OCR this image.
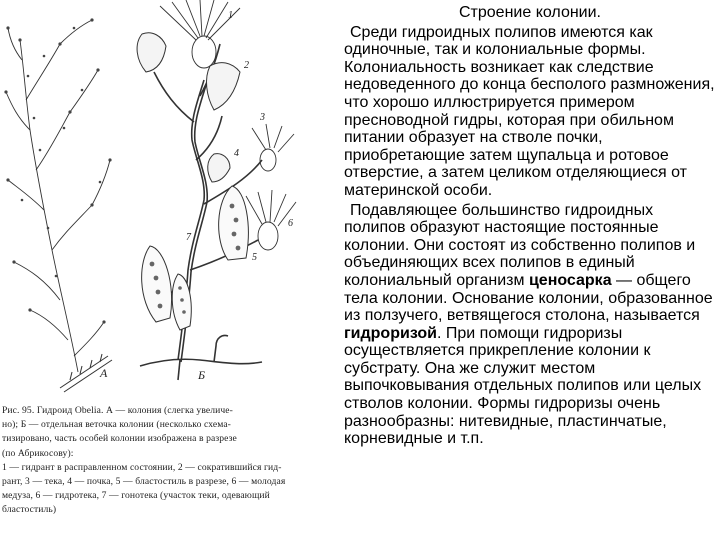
A	Б
1
2
3
4
5
6
7
Рис. 95. Гидроид Obelia. А — колония (слегка увеличе-
но); Б — отдельная веточка колонии (несколько схема-
тизировано, часть особей колонии изображена в разрезе
(по Абрикосову):
1 — гидрант в расправленном состоянии, 2 — сократившийся гид-
рант, 3 — тека, 4 — почка, 5 — бластостиль в разрезе, 6 — молодая
медуза, 6 — гидротека, 7 — гонотека (участок теки, одевающий
бластостиль)
Строение колонии.

Среди гидроидных полипов имеются как одиночные, так и колониальные формы. Колониальность возникает как следствие недоведенного до конца бесполого размножения, что хорошо иллюстрируется примером пресноводной гидры, которая при обильном питании образует на стволе почки, приобретающие затем щупальца и ротовое отверстие, а затем целиком отделяющиеся от материнской особи.

Подавляющее большинство гидроидных полипов образуют настоящие постоянные колонии. Они состоят из собственно полипов и объединяющих всех полипов в единый колониальный организм ценосарка — общего тела колонии. Основание колонии, образованное из ползучего, ветвящегося столона, называется гидроризой. При помощи гидроризы осуществляется прикрепление колонии к субстрату. Она же служит местом выпочковывания отдельных полипов или целых стволов колонии. Формы гидроризы очень разнообразны: нитевидные, пластинчатые, корневидные и т.п.
